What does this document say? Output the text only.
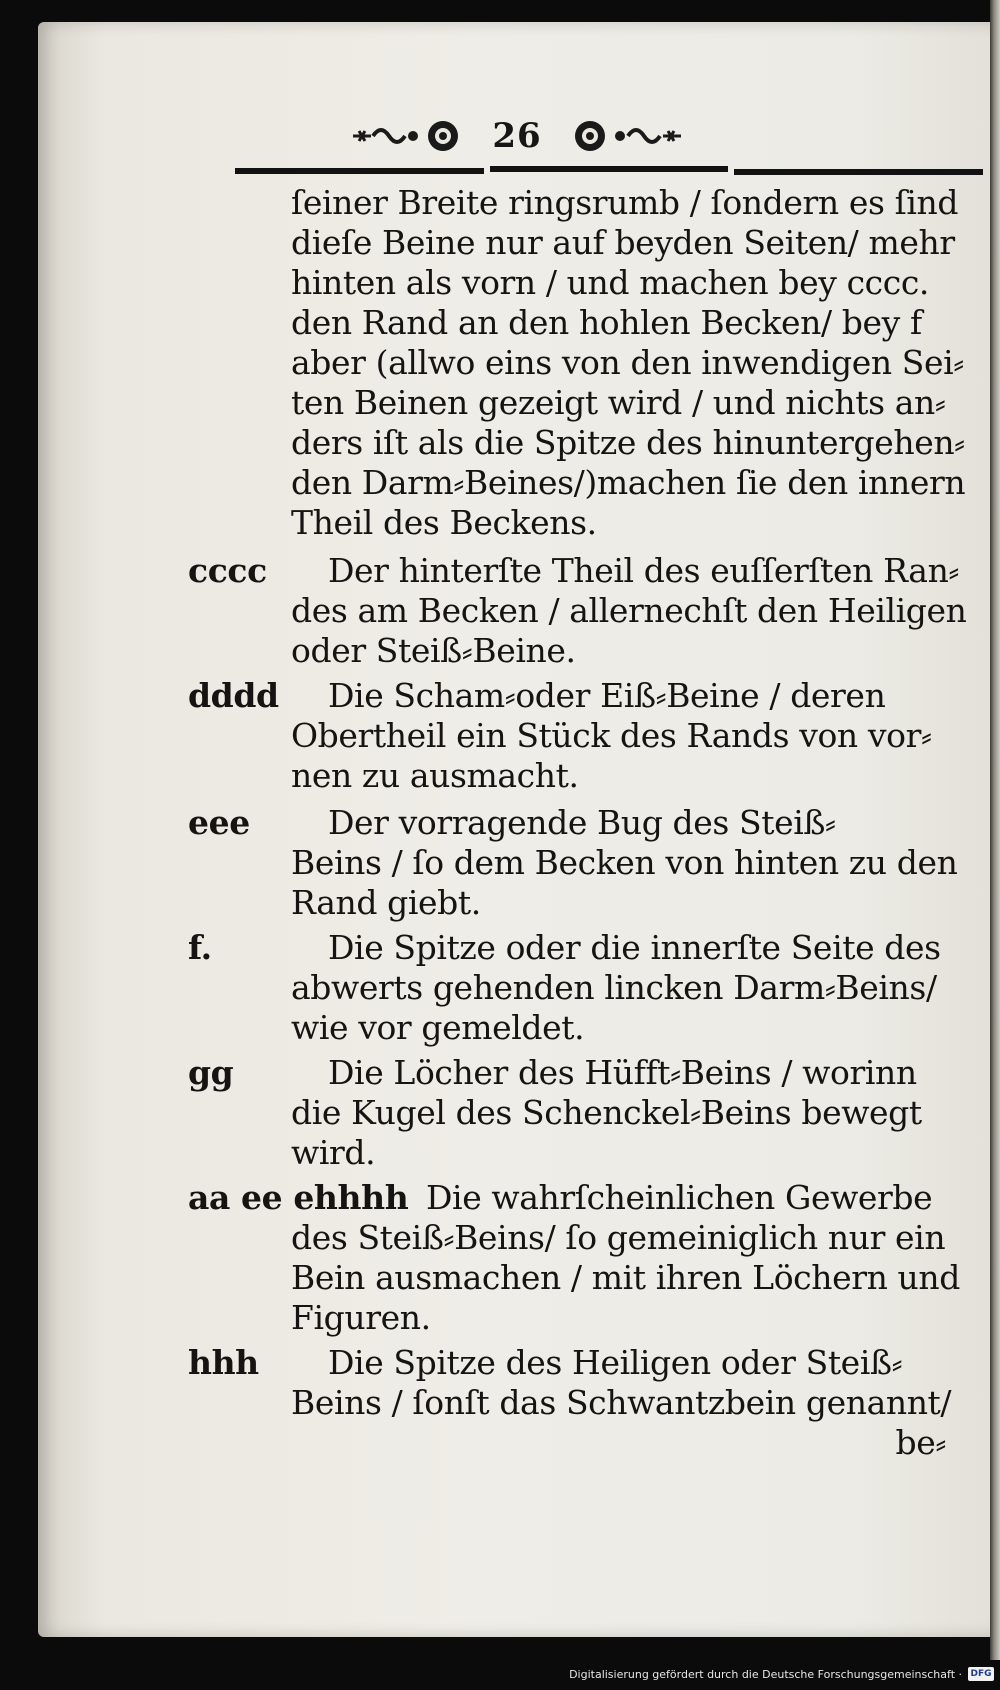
26
ſeiner Breite ringsrumb / ſondern es ſind
dieſe Beine nur auf beyden Seiten/ mehr
hinten als vorn / und machen bey cccc.
den Rand an den hohlen Becken/ bey f
aber (allwo eins von den inwendigen Sei⸗
ten Beinen gezeigt wird / und nichts an⸗
ders iſt als die Spitze des hinuntergehen⸗
den Darm⸗Beines/)machen ſie den innern
Theil des Beckens.
cccc Der hinterſte Theil des euſſerſten Ran⸗
des am Becken / allernechſt den Heiligen
oder Steiß⸗Beine.
dddd Die Scham⸗oder Eiß⸗Beine / deren
Obertheil ein Stück des Rands von vor⸗
nen zu ausmacht.
eee Der vorragende Bug des Steiß⸗
Beins / ſo dem Becken von hinten zu den
Rand giebt.
f.	Die Spitze oder die innerſte Seite des
abwerts gehenden lincken Darm⸗Beins/
wie vor gemeldet.
gg	Die Löcher des Hüfft⸗Beins / worinn
die Kugel des Schenckel⸗Beins bewegt
wird.
aa ee ehhhh Die wahrſcheinlichen Gewerbe
des Steiß⸗Beins/ ſo gemeiniglich nur ein
Bein ausmachen / mit ihren Löchern und
Figuren.
hhh Die Spitze des Heiligen oder Steiß⸗
Beins / ſonſt das Schwantzbein genannt/
be⸗
Digitalisierung gefördert durch die Deutsche Forschungsgemeinschaft · DFG
